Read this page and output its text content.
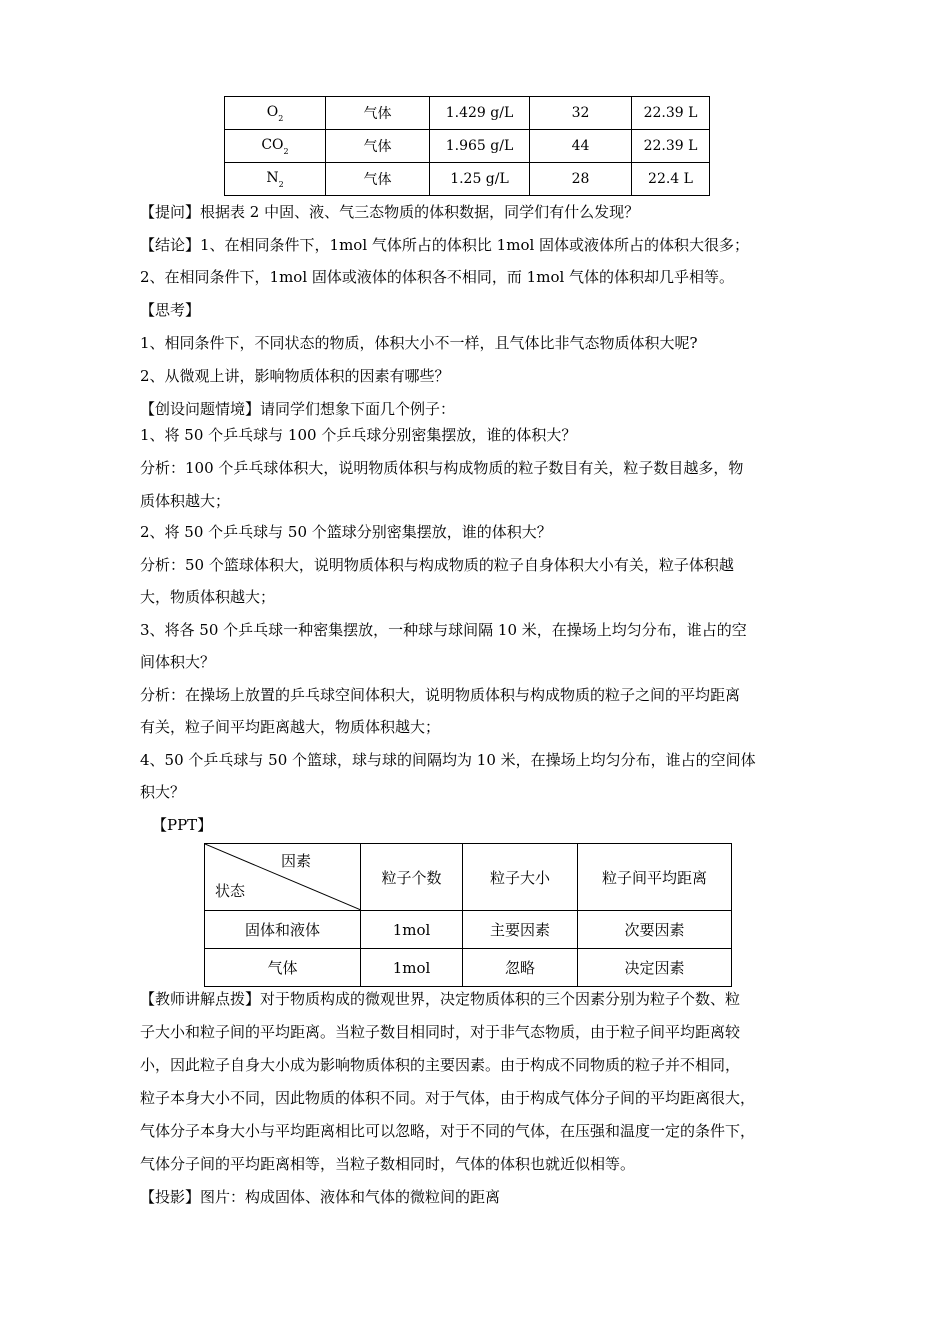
$O_2$	气体	1.429 g/L	32	22.39 L
$CO_2$	气体	1.965 g/L	44	22.39 L
$N_2$	气体	1.25 g/L	28	22.4 L
【提问】根据表 2 中固、液、气三态物质的体积数据，同学们有什么发现？
【结论】1、在相同条件下，1mol 气体所占的体积比 1mol 固体或液体所占的体积大很多；
2、在相同条件下，1mol 固体或液体的体积各不相同，而 1mol 气体的体积却几乎相等。
【思考】
1、相同条件下，不同状态的物质，体积大小不一样，且气体比非气态物质体积大呢?
2、从微观上讲，影响物质体积的因素有哪些？
【创设问题情境】请同学们想象下面几个例子：
1、将 50 个乒乓球与 100 个乒乓球分别密集摆放，谁的体积大？
分析：100 个乒乓球体积大，说明物质体积与构成物质的粒子数目有关，粒子数目越多，物
质体积越大；
2、将 50 个乒乓球与 50 个篮球分别密集摆放，谁的体积大？
分析：50 个篮球体积大，说明物质体积与构成物质的粒子自身体积大小有关，粒子体积越
大，物质体积越大；
3、将各 50 个乒乓球一种密集摆放，一种球与球间隔 10 米，在操场上均匀分布，谁占的空
间体积大？
分析：在操场上放置的乒乓球空间体积大，说明物质体积与构成物质的粒子之间的平均距离
有关，粒子间平均距离越大，物质体积越大；
4、50 个乒乓球与 50 个篮球，球与球的间隔均为 10 米，在操场上均匀分布，谁占的空间体
积大？
【PPT】
因素
状态	粒子个数	粒子大小	粒子间平均距离
固体和液体	1mol	主要因素	次要因素
气体	1mol	忽略	决定因素
【教师讲解点拨】对于物质构成的微观世界，决定物质体积的三个因素分别为粒子个数、粒
子大小和粒子间的平均距离。当粒子数目相同时，对于非气态物质，由于粒子间平均距离较
小，因此粒子自身大小成为影响物质体积的主要因素。由于构成不同物质的粒子并不相同，
粒子本身大小不同，因此物质的体积不同。对于气体，由于构成气体分子间的平均距离很大，
气体分子本身大小与平均距离相比可以忽略，对于不同的气体，在压强和温度一定的条件下，
气体分子间的平均距离相等，当粒子数相同时，气体的体积也就近似相等。
【投影】图片：构成固体、液体和气体的微粒间的距离
